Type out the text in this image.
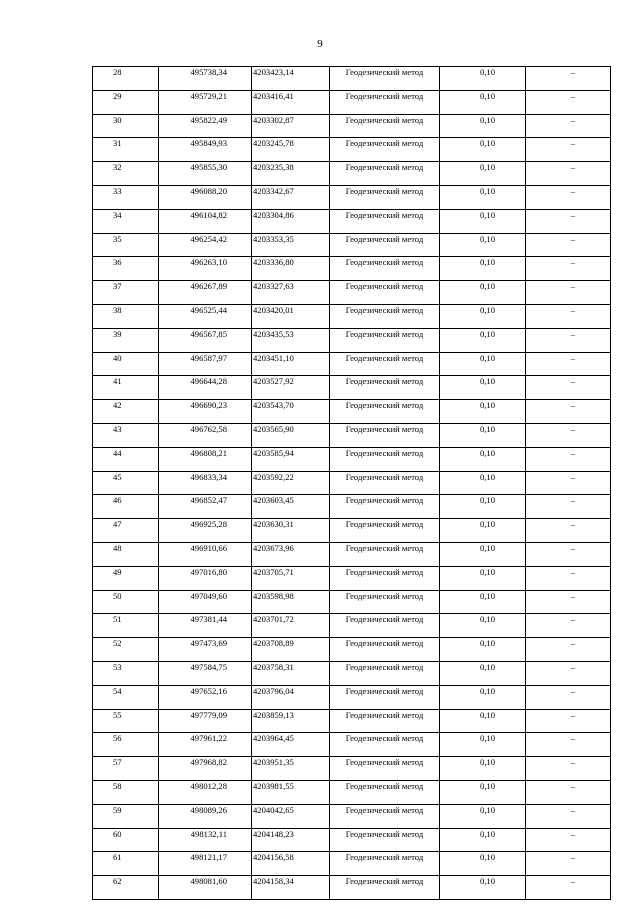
9
28	495738,34	4203423,14	Геодезический метод	0,10	–
29	495729,21	4203416,41	Геодезический метод	0,10	–
30	495822,49	4203302,87	Геодезический метод	0,10	–
31	495849,93	4203245,78	Геодезический метод	0,10	–
32	495855,30	4203235,38	Геодезический метод	0,10	–
33	496088,20	4203342,67	Геодезический метод	0,10	–
34	496104,82	4203304,86	Геодезический метод	0,10	–
35	496254,42	4203353,35	Геодезический метод	0,10	–
36	496263,10	4203336,80	Геодезический метод	0,10	–
37	496267,89	4203327,63	Геодезический метод	0,10	–
38	496525,44	4203420,01	Геодезический метод	0,10	–
39	496567,85	4203435,53	Геодезический метод	0,10	–
40	496587,97	4203451,10	Геодезический метод	0,10	–
41	496644,28	4203527,92	Геодезический метод	0,10	–
42	496690,23	4203543,70	Геодезический метод	0,10	–
43	496762,58	4203565,90	Геодезический метод	0,10	–
44	496808,21	4203585,94	Геодезический метод	0,10	–
45	496833,34	4203592,22	Геодезический метод	0,10	–
46	496852,47	4203603,45	Геодезический метод	0,10	–
47	496925,28	4203630,31	Геодезический метод	0,10	–
48	496910,66	4203673,96	Геодезический метод	0,10	–
49	497016,80	4203705,71	Геодезический метод	0,10	–
50	497049,60	4203598,98	Геодезический метод	0,10	–
51	497381,44	4203701,72	Геодезический метод	0,10	–
52	497473,69	4203708,89	Геодезический метод	0,10	–
53	497584,75	4203758,31	Геодезический метод	0,10	–
54	497652,16	4203796,04	Геодезический метод	0,10	–
55	497779,09	4203859,13	Геодезический метод	0,10	–
56	497961,22	4203964,45	Геодезический метод	0,10	–
57	497968,82	4203951,35	Геодезический метод	0,10	–
58	498012,28	4203981,55	Геодезический метод	0,10	–
59	498089,26	4204042,65	Геодезический метод	0,10	–
60	498132,11	4204148,23	Геодезический метод	0,10	–
61	498121,17	4204156,58	Геодезический метод	0,10	–
62	498081,60	4204158,34	Геодезический метод	0,10	–
